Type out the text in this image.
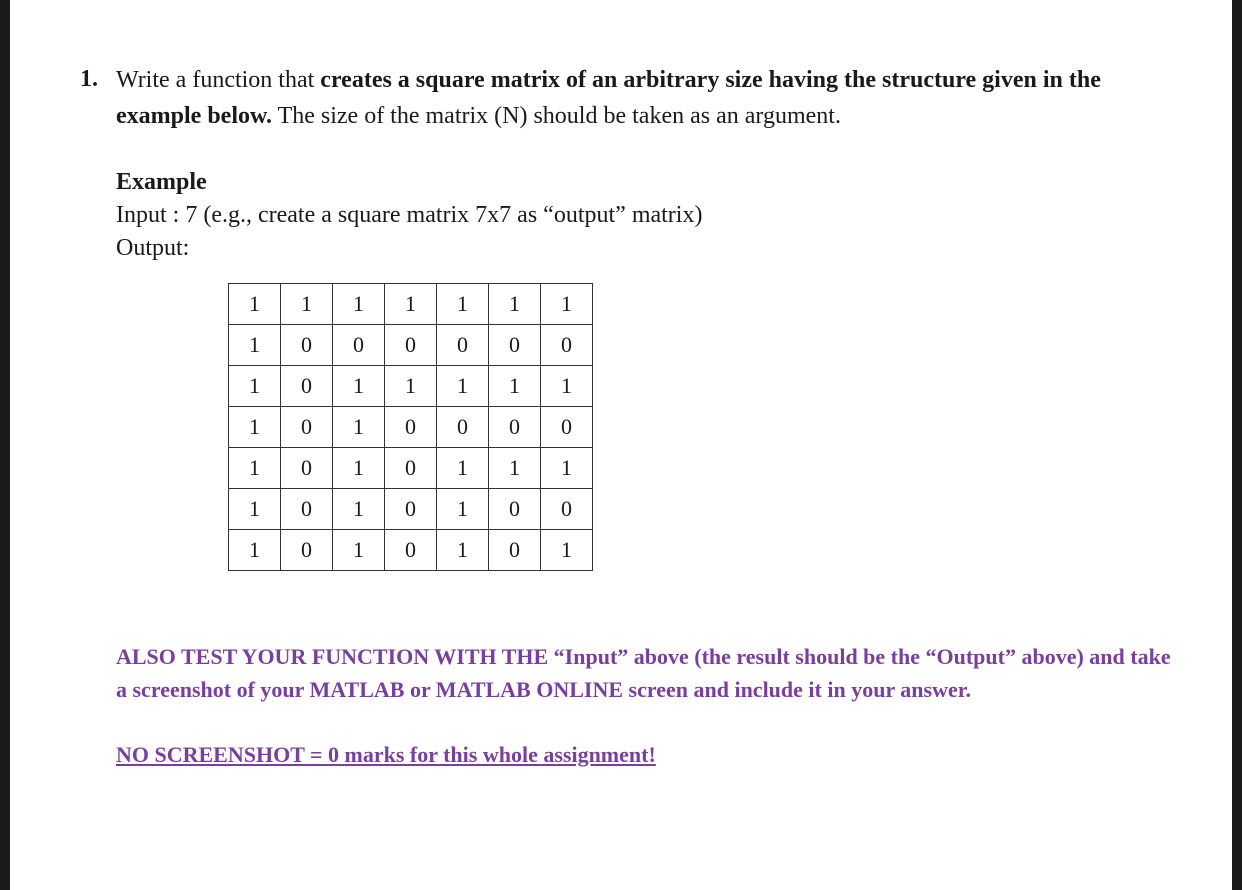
1. Write a function that creates a square matrix of an arbitrary size having the structure given in the example below. The size of the matrix (N) should be taken as an argument.

Example
Input : 7 (e.g., create a square matrix 7x7 as “output” matrix)
Output:
1	1	1	1	1	1	1
1	0	0	0	0	0	0
1	0	1	1	1	1	1
1	0	1	0	0	0	0
1	0	1	0	1	1	1
1	0	1	0	1	0	0
1	0	1	0	1	0	1

ALSO TEST YOUR FUNCTION WITH THE “Input” above (the result should be the “Output” above) and take a screenshot of your MATLAB or MATLAB ONLINE screen and include it in your answer.

NO SCREENSHOT = 0 marks for this whole assignment!
